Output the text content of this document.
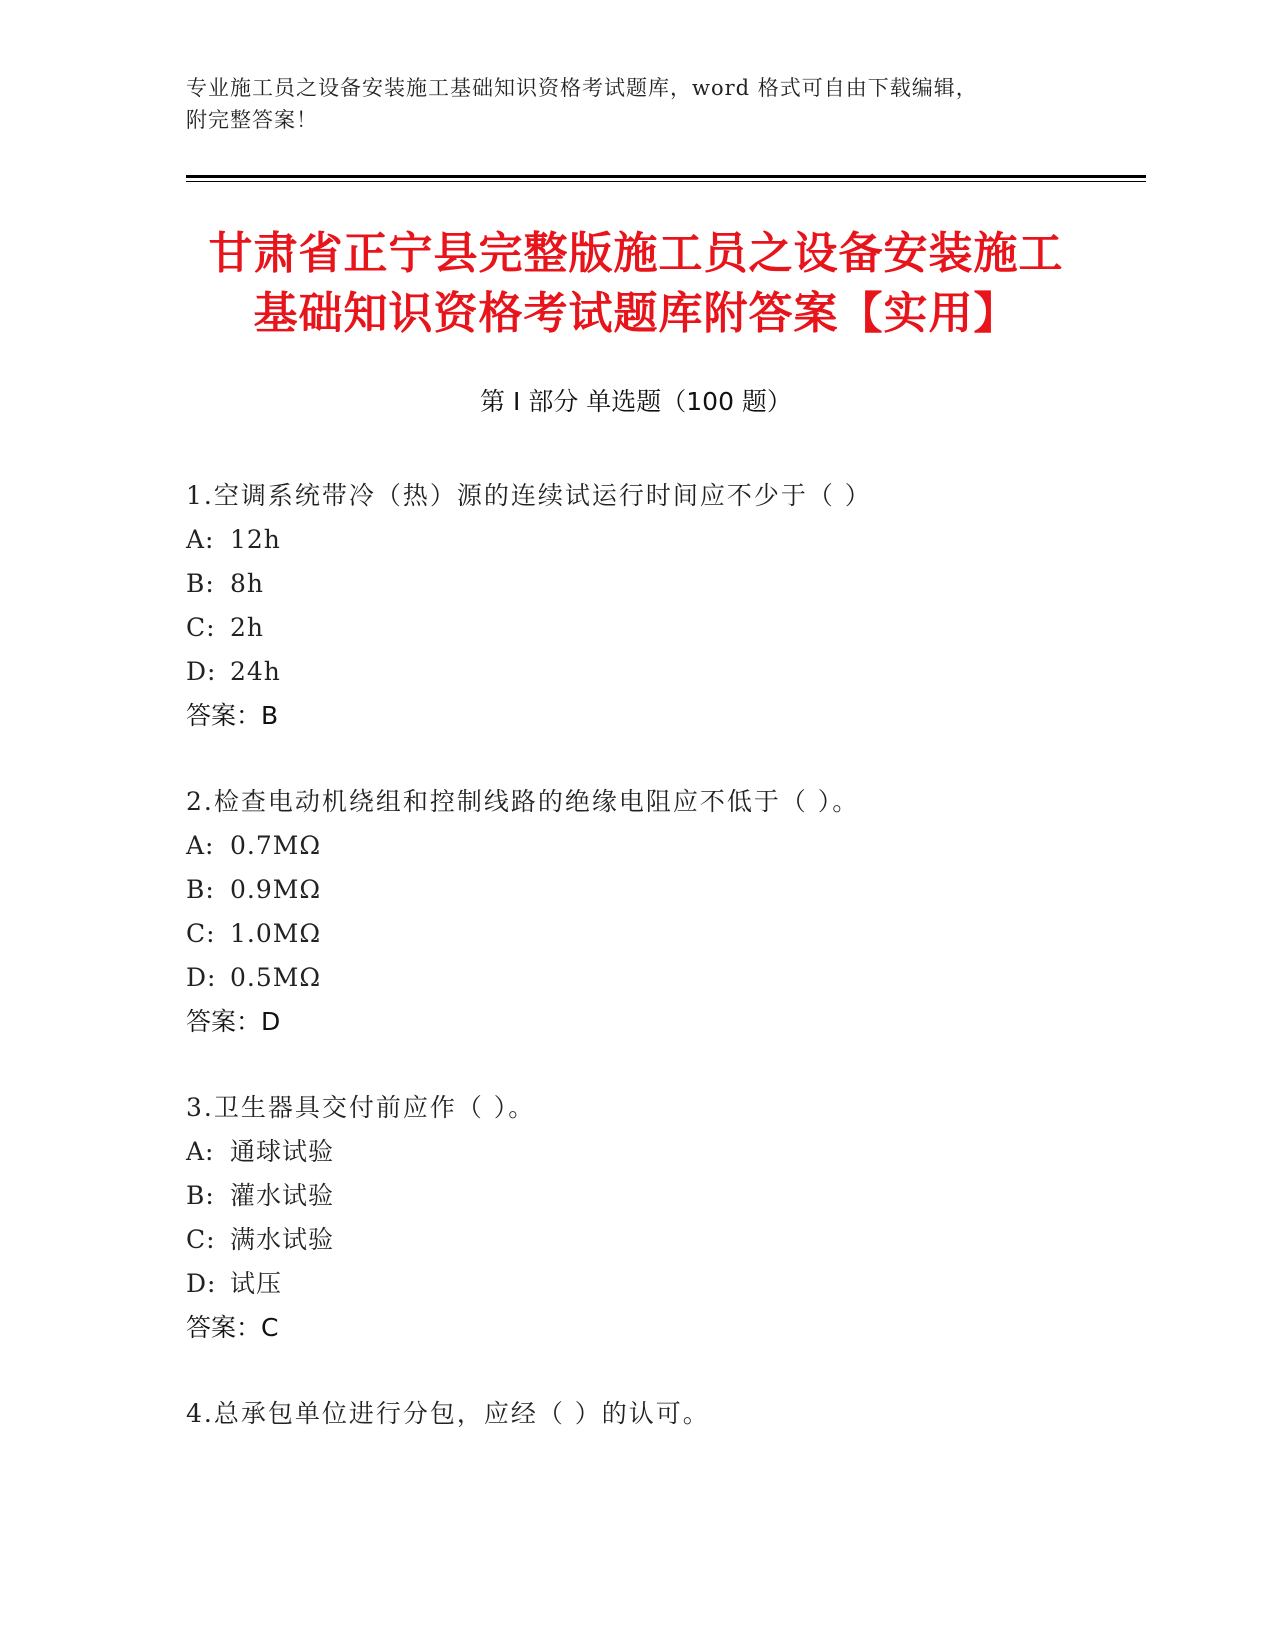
专业施工员之设备安装施工基础知识资格考试题库，word 格式可自由下载编辑，
附完整答案！
甘肃省正宁县完整版施工员之设备安装施工
基础知识资格考试题库附答案【实用】
第 I 部分 单选题（100 题）
1.空调系统带冷（热）源的连续试运行时间应不少于（ ）
A: 12h
B: 8h
C: 2h
D: 24h
答案：B
2.检查电动机绕组和控制线路的绝缘电阻应不低于（ ）。
A: 0.7MΩ
B: 0.9MΩ
C: 1.0MΩ
D: 0.5MΩ
答案：D
3.卫生器具交付前应作（ ）。
A: 通球试验
B: 灌水试验
C: 满水试验
D: 试压
答案：C
4.总承包单位进行分包，应经（ ）的认可。
